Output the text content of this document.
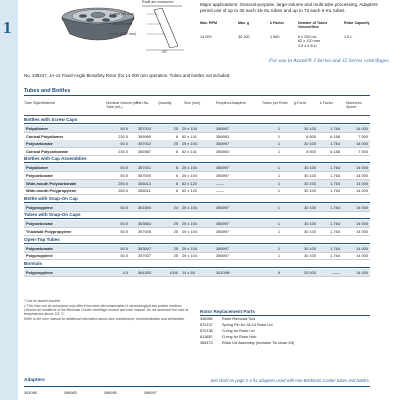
1
Radii are measured
r_max (15 mm)
r_av (8.5 mm)
r_min (3.37 mm)
25°
Major applications: General-purpose, large-volume and multi-tube processing. Adapters permit use of up to 30 each 15-mL tubes and up to 72 each 5-mL tubes.
Max. RPM	Max. g	k Factor	Number of Tubes Volume/Size
Rotor Capacity
14 000	30 100	1 660	6 x 250 mL
62 x 120 mm
2.5 x 4.8 in
1.5 L
For use in Avanti® J Series and J2 Series centrifuges.
No. 339247, JA-14 Fixed-Angle Biosafety Rotor (for 14 000 rpm operation. Tubes and bottles not included.
Tubes and Bottles
Tube Style/Material	Nominal Volume per Tube (mL)
Part No.	Quantity	Size (mm)	Required Adapters	Tubes per Rotor g-Force	k Factor	Maximum Speed
Bottles with Screw Caps
Polyallomer	50.0	357003	25 29 x 104	356997	1	30 100	1.764	14 000
Conical Polyallomer	230.0	356989	6 62 x 141	356983	1	8 600	6.158	7 500
Polycarbonate	50.0	357002	25 29 x 104	356997	1	30 100	1.764	14 000
Conical Polycarbonate	230.0	356987	6 62 x 141	356983	1	8 600	6.158	7 500
Bottles with Cap Assemblies
Polyallomer	50.0	357001	6 29 x 104	356997	1	30 100	1.764	14 000
Polycarbonate	50.0	357000	6 29 x 104	356997	1	30 100	1.764	14 000
Wide-mouth Polycarbonate	250.0	356013	6 62 x 120	——	1	30 100	1.764	14 000
Wide-mouth Polypropylene	250.0	356011	6 62 x 120	——	1	30 100	1.764	14 000
Bottle with Snap-On Cap
Polypropylene	50.0	361694	24 29 x 104	356997	1	30 100	1.764	14 000
Tubes with Snap-On Caps
Polycarbonate	50.0	363664	25 29 x 104	356997	1	30 100	1.764	14 000
Thickwall Polypropylene	50.0	357005	25 29 x 104	356997	1	30 100	1.764	14 000
Open-Top Tubes
Polycarbonate	50.0	363647	25 29 x 104	356997	1	30 100	1.764	14 000
Polypropylene	50.0	357007	25 29 x 104	356997	1	30 100	1.764	14 000
BioVials
Polypropylene	4.0	564353	1000 14 x 55	342098*	9	20 000	——	14 000

* Can be double stacked.

‡ This rotor can be autoclaved only after it has been decontaminated of microbiological and protein residues. Observe all conditions of the Beckman Coulter centrifuge manual and rotor manual. Do not autoclave the rotor at temperatures above 121 °C.

Refer to the rotor manual for additional information about rotor maintenance, decontamination and sterilization.

Rotor Replacement Parts
346965 Rotor Removal Tool
870137 Spring Pin for JA-14 Rotor Lid
870138 O-ring for Rotor Lid
811850	O-ring for Rotor Hub
366473 Rotor Lid Assembly (includes Tie-down Kit)
Adapters	See chart on page 2-4 for adapters used with non-Beckman Coulter tubes and bottles.
342098	356983	356995	356997
